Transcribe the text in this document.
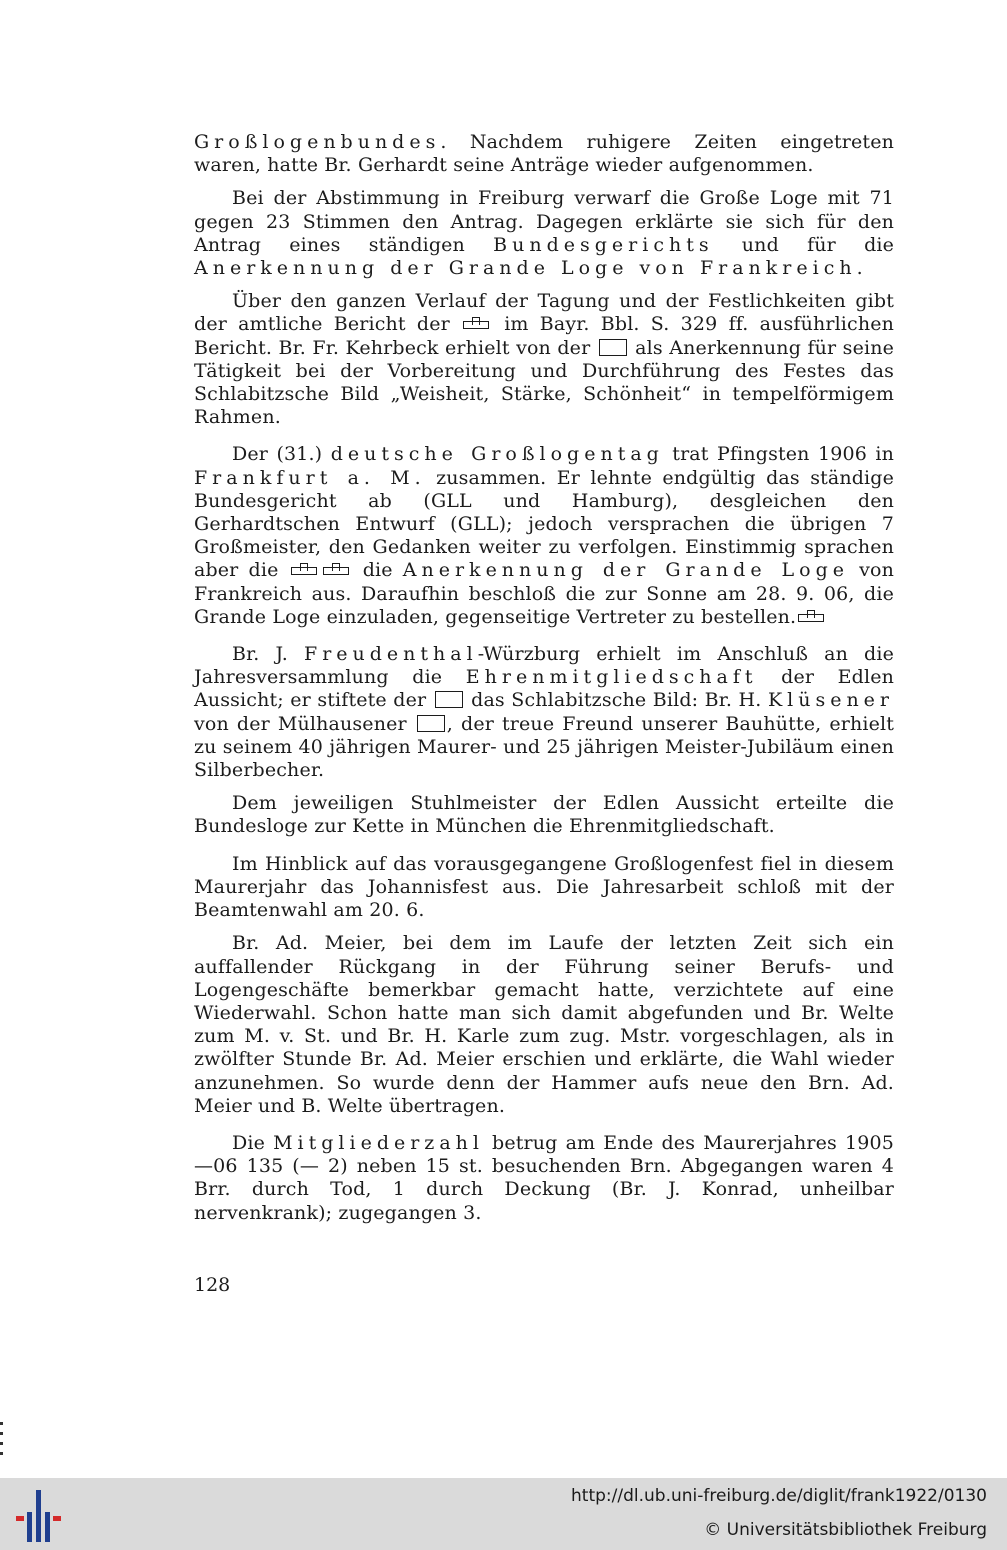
Großlogenbundes. Nachdem ruhigere Zeiten eingetreten waren, hatte Br. Gerhardt seine Anträge wieder aufgenommen.

Bei der Abstimmung in Freiburg verwarf die Große Loge mit 71 gegen 23 Stimmen den Antrag. Dagegen erklärte sie sich für den Antrag eines ständigen Bundesgerichts und für die Anerkennung der Grande Loge von Frankreich.

Über den ganzen Verlauf der Tagung und der Festlichkeiten gibt der amtliche Bericht der  im Bayr. Bbl. S. 329 ff. ausführlichen Bericht. Br. Fr. Kehrbeck erhielt von der  als Anerkennung für seine Tätigkeit bei der Vorbereitung und Durchführung des Festes das Schlabitzsche Bild „Weisheit, Stärke, Schönheit“ in tempelförmigem Rahmen.

Der (31.) deutsche Großlogentag trat Pfingsten 1906 in Frankfurt a. M. zusammen. Er lehnte endgültig das ständige Bundesgericht ab (GLL und Hamburg), desgleichen den Gerhardtschen Entwurf (GLL); jedoch versprachen die übrigen 7 Großmeister, den Gedanken weiter zu verfolgen. Einstimmig sprachen aber die	die Anerkennung der Grande Loge von Frankreich aus. Daraufhin beschloß die zur Sonne am 28. 9. 06, die Grande Loge einzuladen, gegenseitige Vertreter zu bestellen.

Br. J. Freudenthal-Würzburg erhielt im Anschluß an die Jahresversammlung die Ehrenmitgliedschaft der Edlen Aussicht; er stiftete der  das Schlabitzsche Bild: Br. H. Klüsener von der Mülhausener , der treue Freund unserer Bauhütte, erhielt zu seinem 40 jährigen Maurer- und 25 jährigen Meister-Jubiläum einen Silberbecher.

Dem jeweiligen Stuhlmeister der Edlen Aussicht erteilte die Bundesloge zur Kette in München die Ehrenmitgliedschaft.

Im Hinblick auf das vorausgegangene Großlogenfest fiel in diesem Maurerjahr das Johannisfest aus. Die Jahresarbeit schloß mit der Beamtenwahl am 20. 6.

Br. Ad. Meier, bei dem im Laufe der letzten Zeit sich ein auffallender Rückgang in der Führung seiner Berufs- und Logengeschäfte bemerkbar gemacht hatte, verzichtete auf eine Wiederwahl. Schon hatte man sich damit abgefunden und Br. Welte zum M. v. St. und Br. H. Karle zum zug. Mstr. vorgeschlagen, als in zwölfter Stunde Br. Ad. Meier erschien und erklärte, die Wahl wieder anzunehmen. So wurde denn der Hammer aufs neue den Brn. Ad. Meier und B. Welte übertragen.

Die Mitgliederzahl betrug am Ende des Maurerjahres 1905—06 135 (— 2) neben 15 st. besuchenden Brn. Abgegangen waren 4 Brr. durch Tod, 1 durch Deckung (Br. J. Konrad, unheilbar nervenkrank); zugegangen 3.

128
http://dl.ub.uni-freiburg.de/diglit/frank1922/0130
© Universitätsbibliothek Freiburg
